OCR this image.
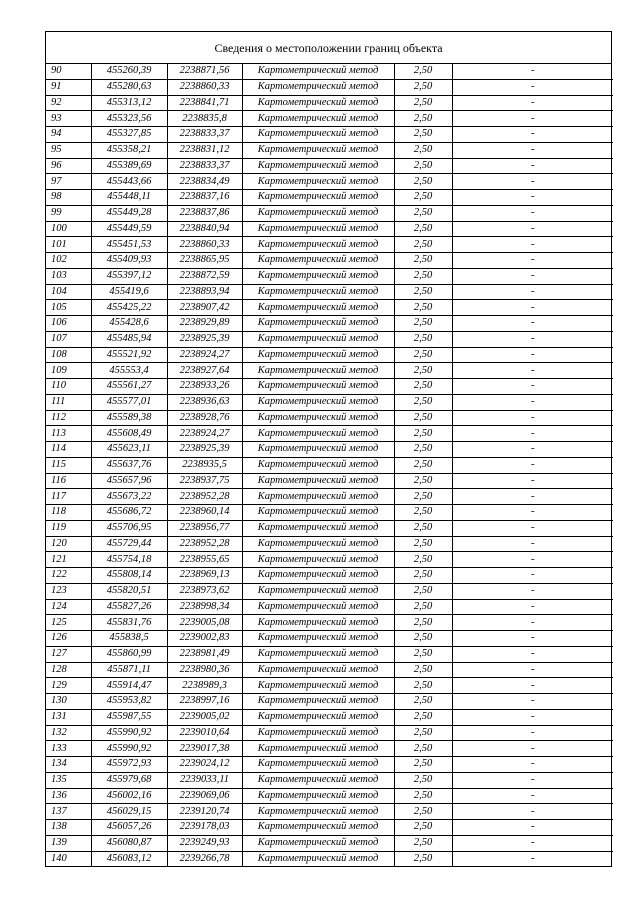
Сведения о местоположении границ объекта
90	455260,39	2238871,56	Картометрический метод	2,50	-
91	455280,63	2238860,33	Картометрический метод	2,50	-
92	455313,12	2238841,71	Картометрический метод	2,50	-
93	455323,56	2238835,8	Картометрический метод	2,50	-
94	455327,85	2238833,37	Картометрический метод	2,50	-
95	455358,21	2238831,12	Картометрический метод	2,50	-
96	455389,69	2238833,37	Картометрический метод	2,50	-
97	455443,66	2238834,49	Картометрический метод	2,50	-
98	455448,11	2238837,16	Картометрический метод	2,50	-
99	455449,28	2238837,86	Картометрический метод	2,50	-
100	455449,59	2238840,94	Картометрический метод	2,50	-
101	455451,53	2238860,33	Картометрический метод	2,50	-
102	455409,93	2238865,95	Картометрический метод	2,50	-
103	455397,12	2238872,59	Картометрический метод	2,50	-
104	455419,6	2238893,94	Картометрический метод	2,50	-
105	455425,22	2238907,42	Картометрический метод	2,50	-
106	455428,6	2238929,89	Картометрический метод	2,50	-
107	455485,94	2238925,39	Картометрический метод	2,50	-
108	455521,92	2238924,27	Картометрический метод	2,50	-
109	455553,4	2238927,64	Картометрический метод	2,50	-
110	455561,27	2238933,26	Картометрический метод	2,50	-
111	455577,01	2238936,63	Картометрический метод	2,50	-
112	455589,38	2238928,76	Картометрический метод	2,50	-
113	455608,49	2238924,27	Картометрический метод	2,50	-
114	455623,11	2238925,39	Картометрический метод	2,50	-
115	455637,76	2238935,5	Картометрический метод	2,50	-
116	455657,96	2238937,75	Картометрический метод	2,50	-
117	455673,22	2238952,28	Картометрический метод	2,50	-
118	455686,72	2238960,14	Картометрический метод	2,50	-
119	455706,95	2238956,77	Картометрический метод	2,50	-
120	455729,44	2238952,28	Картометрический метод	2,50	-
121	455754,18	2238955,65	Картометрический метод	2,50	-
122	455808,14	2238969,13	Картометрический метод	2,50	-
123	455820,51	2238973,62	Картометрический метод	2,50	-
124	455827,26	2238998,34	Картометрический метод	2,50	-
125	455831,76	2239005,08	Картометрический метод	2,50	-
126	455838,5	2239002,83	Картометрический метод	2,50	-
127	455860,99	2238981,49	Картометрический метод	2,50	-
128	455871,11	2238980,36	Картометрический метод	2,50	-
129	455914,47	2238989,3	Картометрический метод	2,50	-
130	455953,82	2238997,16	Картометрический метод	2,50	-
131	455987,55	2239005,02	Картометрический метод	2,50	-
132	455990,92	2239010,64	Картометрический метод	2,50	-
133	455990,92	2239017,38	Картометрический метод	2,50	-
134	455972,93	2239024,12	Картометрический метод	2,50	-
135	455979,68	2239033,11	Картометрический метод	2,50	-
136	456002,16	2239069,06	Картометрический метод	2,50	-
137	456029,15	2239120,74	Картометрический метод	2,50	-
138	456057,26	2239178,03	Картометрический метод	2,50	-
139	456080,87	2239249,93	Картометрический метод	2,50	-
140	456083,12	2239266,78	Картометрический метод	2,50	-
